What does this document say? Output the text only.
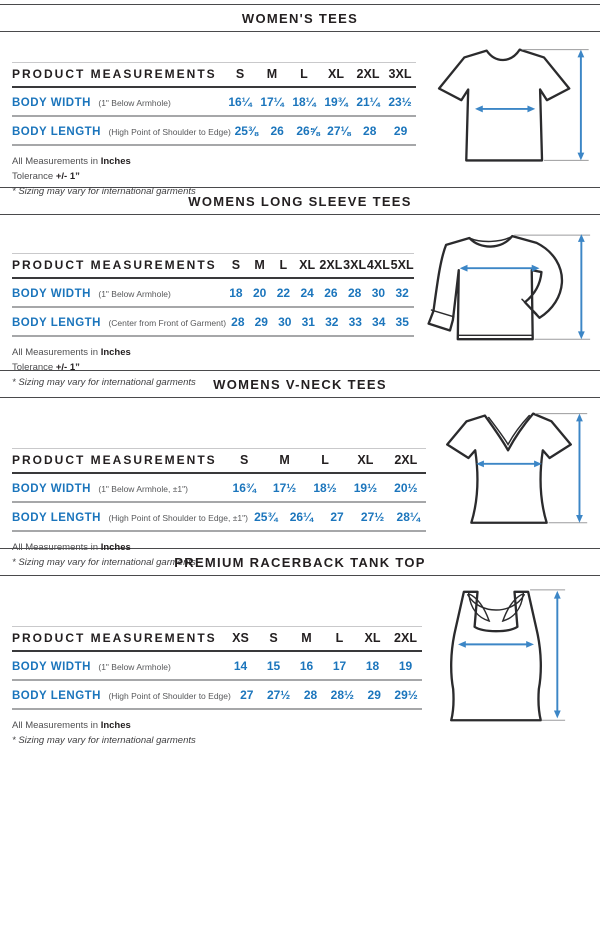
WOMEN'S TEES
PRODUCT MEASUREMENTS	S	M	L	XL	2XL 3XL
BODY WIDTH (1" Below Armhole)	16¼ 17¼ 18¼ 19¾ 21¼ 23½
BODY LENGTH (High Point of Shoulder to Edge) 25⅜	26	26⅝ 27⅛	28	29

All Measurements in Inches

Tolerance +/- 1”

* Sizing may vary for international garments

WOMENS LONG SLEEVE TEES
PRODUCT MEASUREMENTS	S	M	L XL 2XL 3XL 4XL 5XL
BODY WIDTH (1" Below Armhole)	18 20 22 24 26 28 30 32
BODY LENGTH (Center from Front of Garment) 28 29 30 31 32 33 34 35

All Measurements in Inches

Tolerance +/- 1”

* Sizing may vary for international garments	WOMENS V-NECK TEES
PRODUCT MEASUREMENTS	S	M	L	XL	2XL
BODY WIDTH (1" Below Armhole, ±1")	16¾	17½	18½	19½	20½
BODY LENGTH (High Point of Shoulder to Edge, ±1") 25¾	26¼	27	27½	28¼

All Measurements in Inches

* Sizing may vary for international garments

PREMIUM RACERBACK TANK TOP
PRODUCT MEASUREMENTS	XS	S	M	L	XL	2XL
BODY WIDTH (1" Below Armhole)	14	15	16	17	18	19
BODY LENGTH (High Point of Shoulder to Edge) 27	27½	28	28½	29	29½

All Measurements in Inches

* Sizing may vary for international garments
